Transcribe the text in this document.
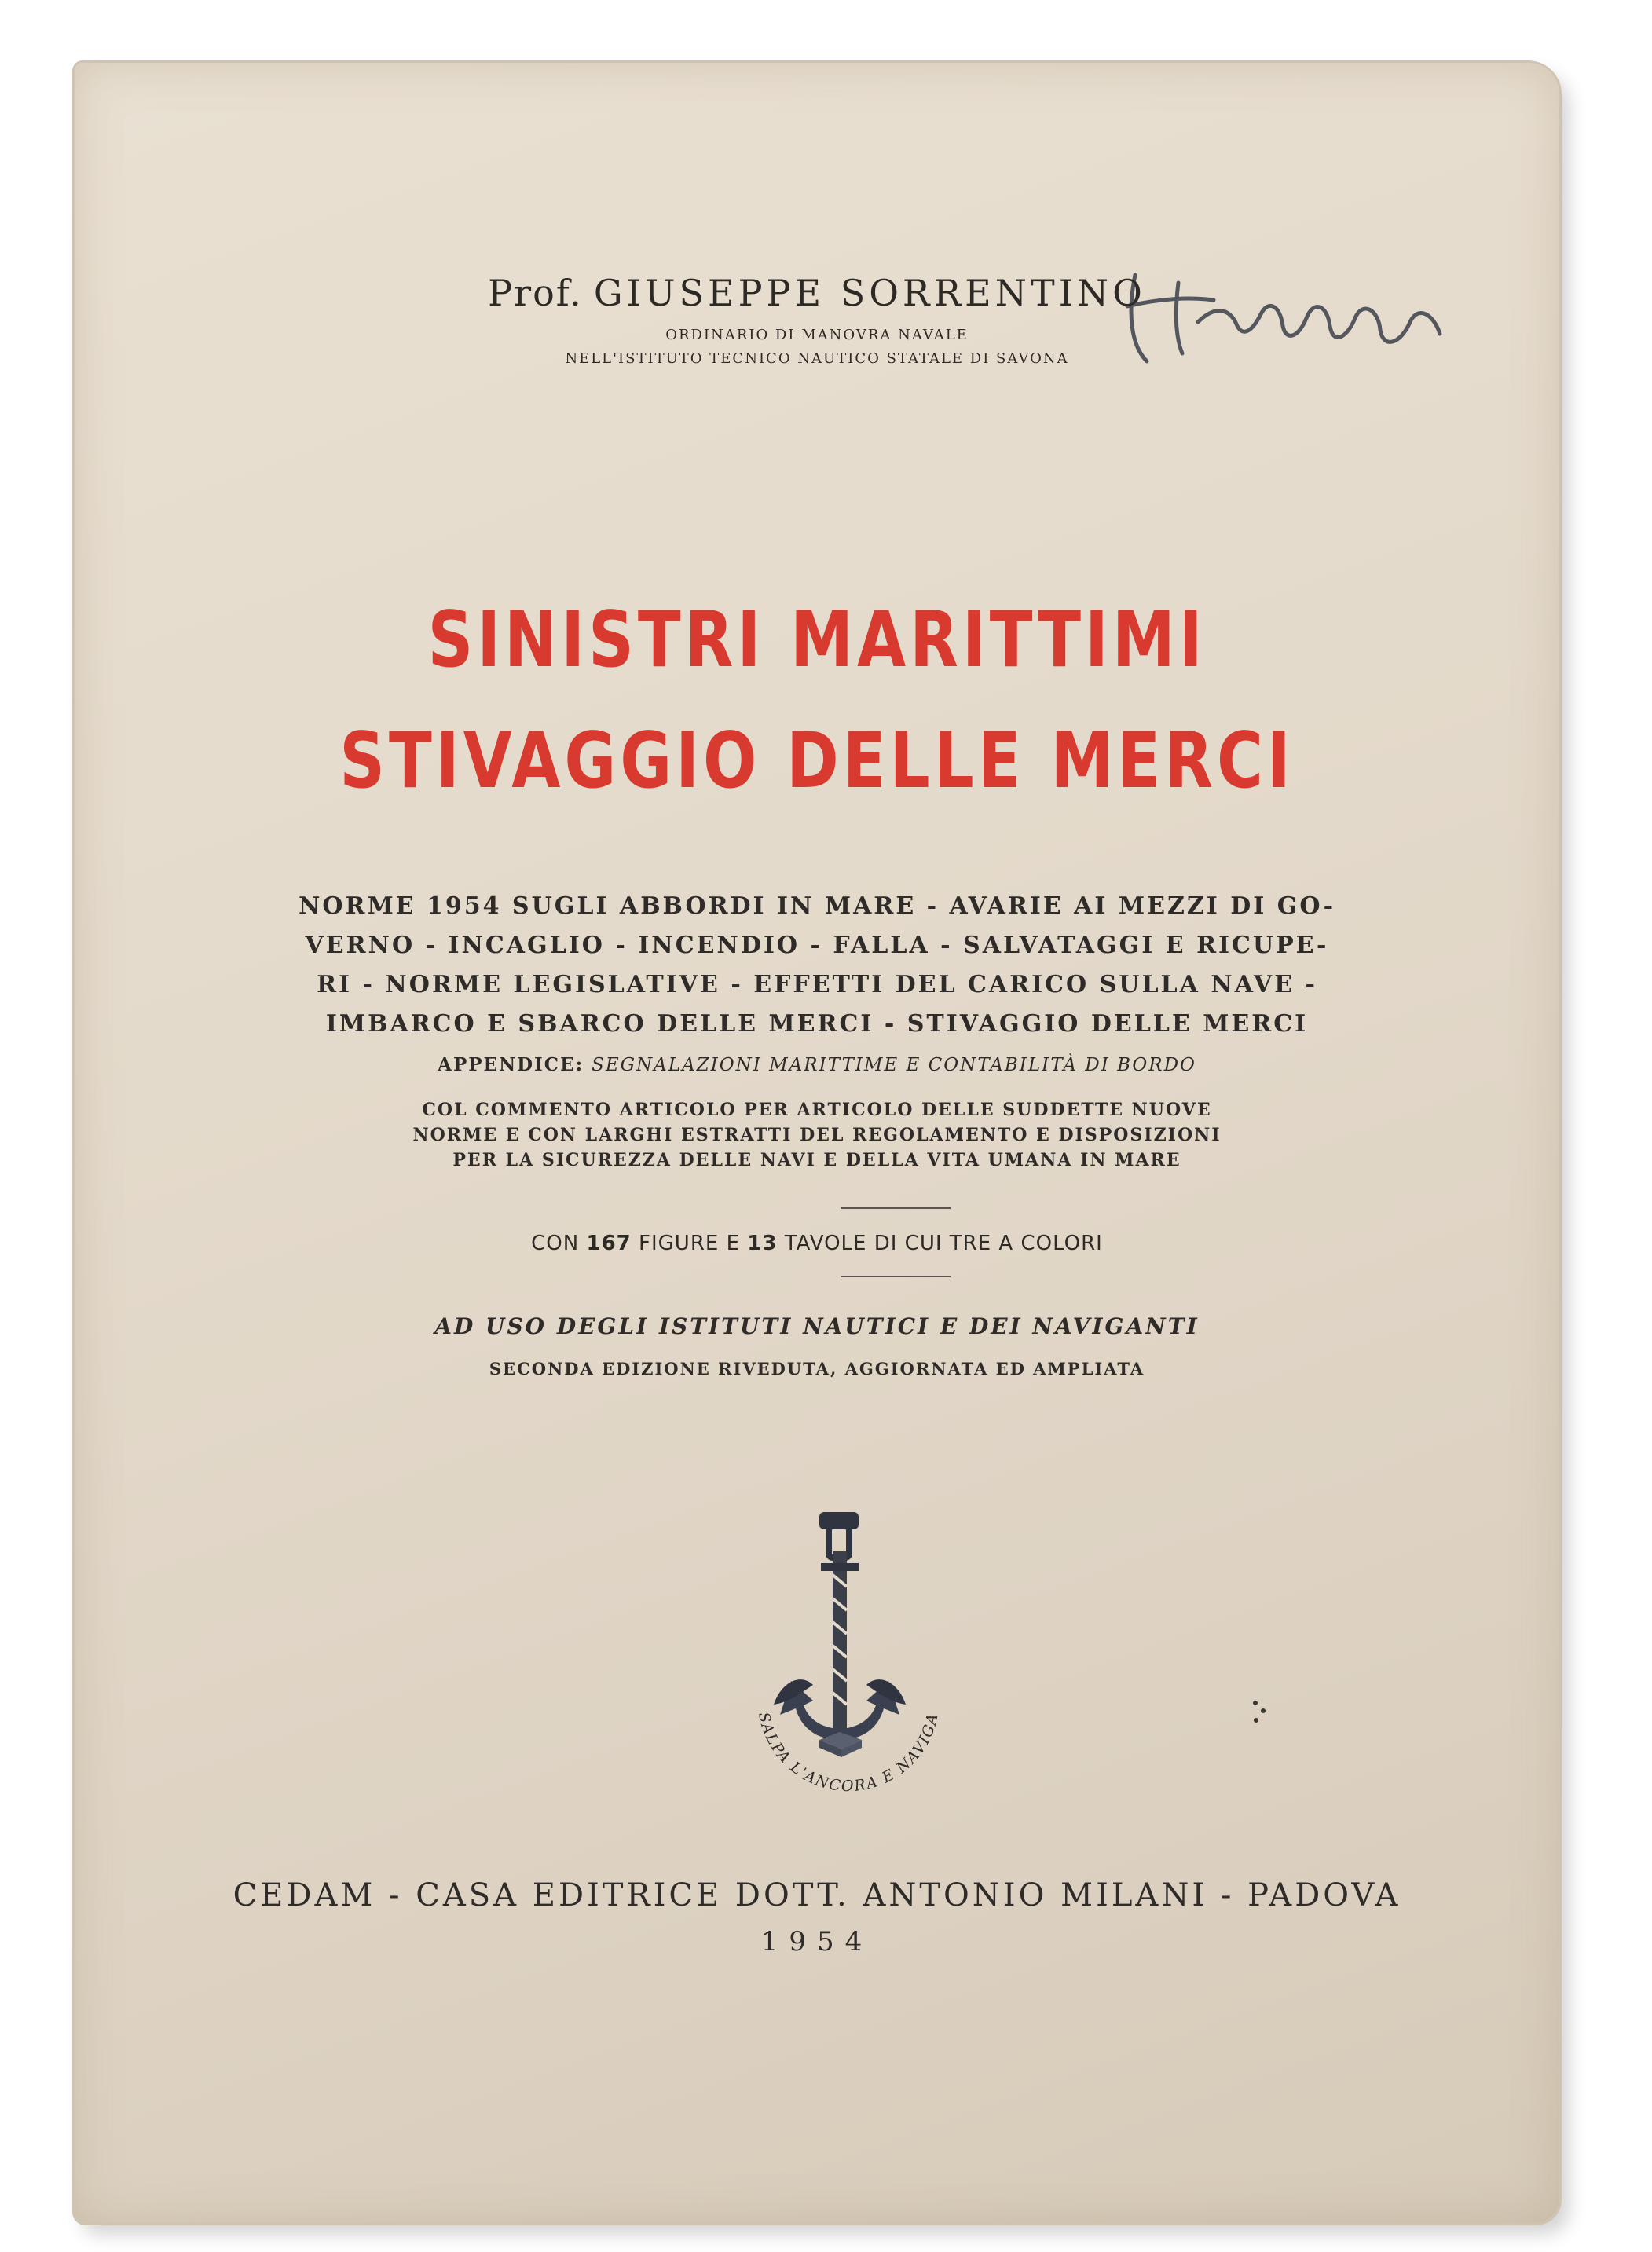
Prof. GIUSEPPE SORRENTINO
ORDINARIO DI MANOVRA NAVALE
NELL'ISTITUTO TECNICO NAUTICO STATALE DI SAVONA
SINISTRI MARITTIMI
STIVAGGIO DELLE MERCI
NORME 1954 SUGLI ABBORDI IN MARE - AVARIE AI MEZZI DI GO-
VERNO - INCAGLIO - INCENDIO - FALLA - SALVATAGGI E RICUPE-
RI - NORME LEGISLATIVE - EFFETTI DEL CARICO SULLA NAVE -
IMBARCO E SBARCO DELLE MERCI - STIVAGGIO DELLE MERCI
APPENDICE: SEGNALAZIONI MARITTIME E CONTABILITÀ DI BORDO
COL COMMENTO ARTICOLO PER ARTICOLO DELLE SUDDETTE NUOVE
NORME E CON LARGHI ESTRATTI DEL REGOLAMENTO E DISPOSIZIONI
PER LA SICUREZZA DELLE NAVI E DELLA VITA UMANA IN MARE
CON 167 FIGURE E 13 TAVOLE DI CUI TRE A COLORI
AD USO DEGLI ISTITUTI NAUTICI E DEI NAVIGANTI
SECONDA EDIZIONE RIVEDUTA, AGGIORNATA ED AMPLIATA
SALPA L'ANCORA E NAVIGA
CEDAM - CASA EDITRICE DOTT. ANTONIO MILANI - PADOVA
1954
